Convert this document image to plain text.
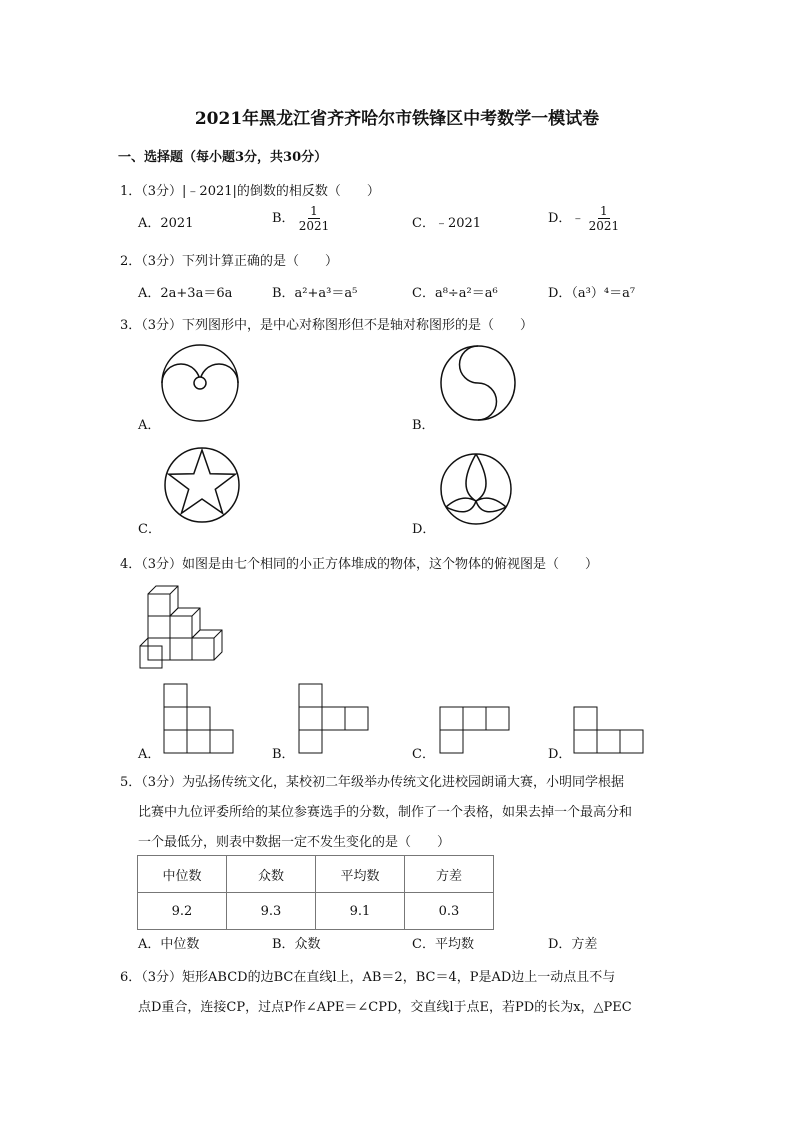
2021年黑龙江省齐齐哈尔市铁锋区中考数学一模试卷
一、选择题（每小题3分，共30分）
1．（3分）|﹣2021|的倒数的相反数（　　）
A．2021	B． $\frac{1}{2021}$	C．﹣2021	D．﹣ $\frac{1}{2021}$
2．（3分）下列计算正确的是（　　）
A．2a+3a＝6a	B．a²+a³＝a⁵	C．a⁸÷a²＝a⁶	D．（a³）⁴＝a⁷
3．（3分）下列图形中，是中心对称图形但不是轴对称图形的是（　　）
A．	B．
C．	D．
4．（3分）如图是由七个相同的小正方体堆成的物体，这个物体的俯视图是（　　）
A．	B．	C．	D．
5．（3分）为弘扬传统文化，某校初二年级举办传统文化进校园朗诵大赛，小明同学根据
比赛中九位评委所给的某位参赛选手的分数，制作了一个表格，如果去掉一个最高分和
一个最低分，则表中数据一定不发生变化的是（　　）
中位数	众数	平均数	方差
9.2	9.3	9.1	0.3
A．中位数	B．众数	C．平均数	D．方差
6．（3分）矩形ABCD的边BC在直线l上，AB＝2，BC＝4，P是AD边上一动点且不与
点D重合，连接CP，过点P作∠APE＝∠CPD，交直线l于点E，若PD的长为x，△PEC
